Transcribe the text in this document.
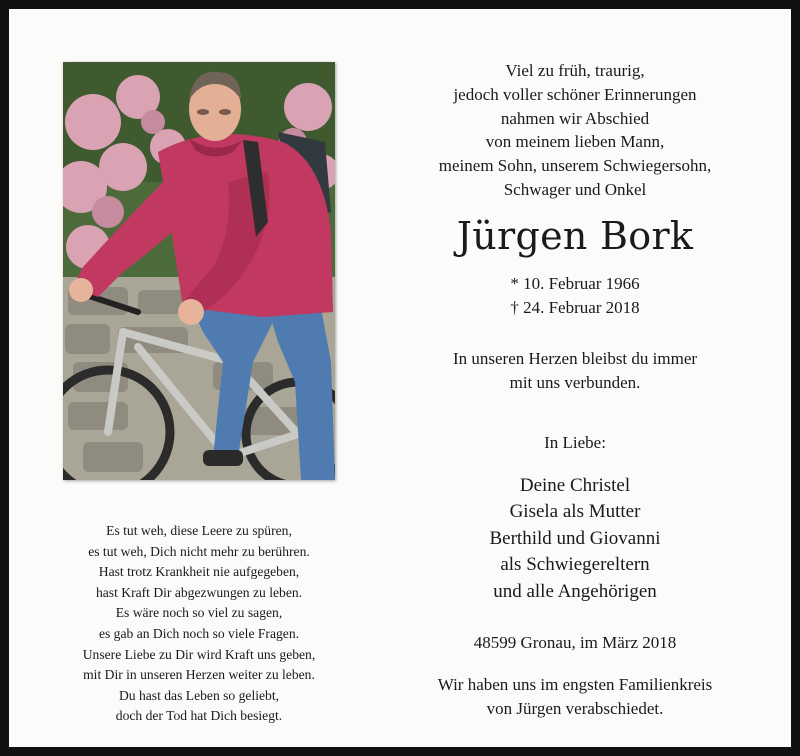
Es tut weh, diese Leere zu spüren,
es tut weh, Dich nicht mehr zu berühren.
Hast trotz Krankheit nie aufgegeben,
hast Kraft Dir abgezwungen zu leben.
Es wäre noch so viel zu sagen,
es gab an Dich noch so viele Fragen.
Unsere Liebe zu Dir wird Kraft uns geben,
mit Dir in unseren Herzen weiter zu leben.
Du hast das Leben so geliebt,
doch der Tod hat Dich besiegt.
Viel zu früh, traurig,
jedoch voller schöner Erinnerungen
nahmen wir Abschied
von meinem lieben Mann,
meinem Sohn, unserem Schwiegersohn,
Schwager und Onkel
Jürgen Bork
* 10. Februar 1966
† 24. Februar 2018
In unseren Herzen bleibst du immer
mit uns verbunden.
In Liebe:
Deine Christel
Gisela als Mutter
Berthild und Giovanni
als Schwiegereltern
und alle Angehörigen
48599 Gronau, im März 2018
Wir haben uns im engsten Familienkreis
von Jürgen verabschiedet.
